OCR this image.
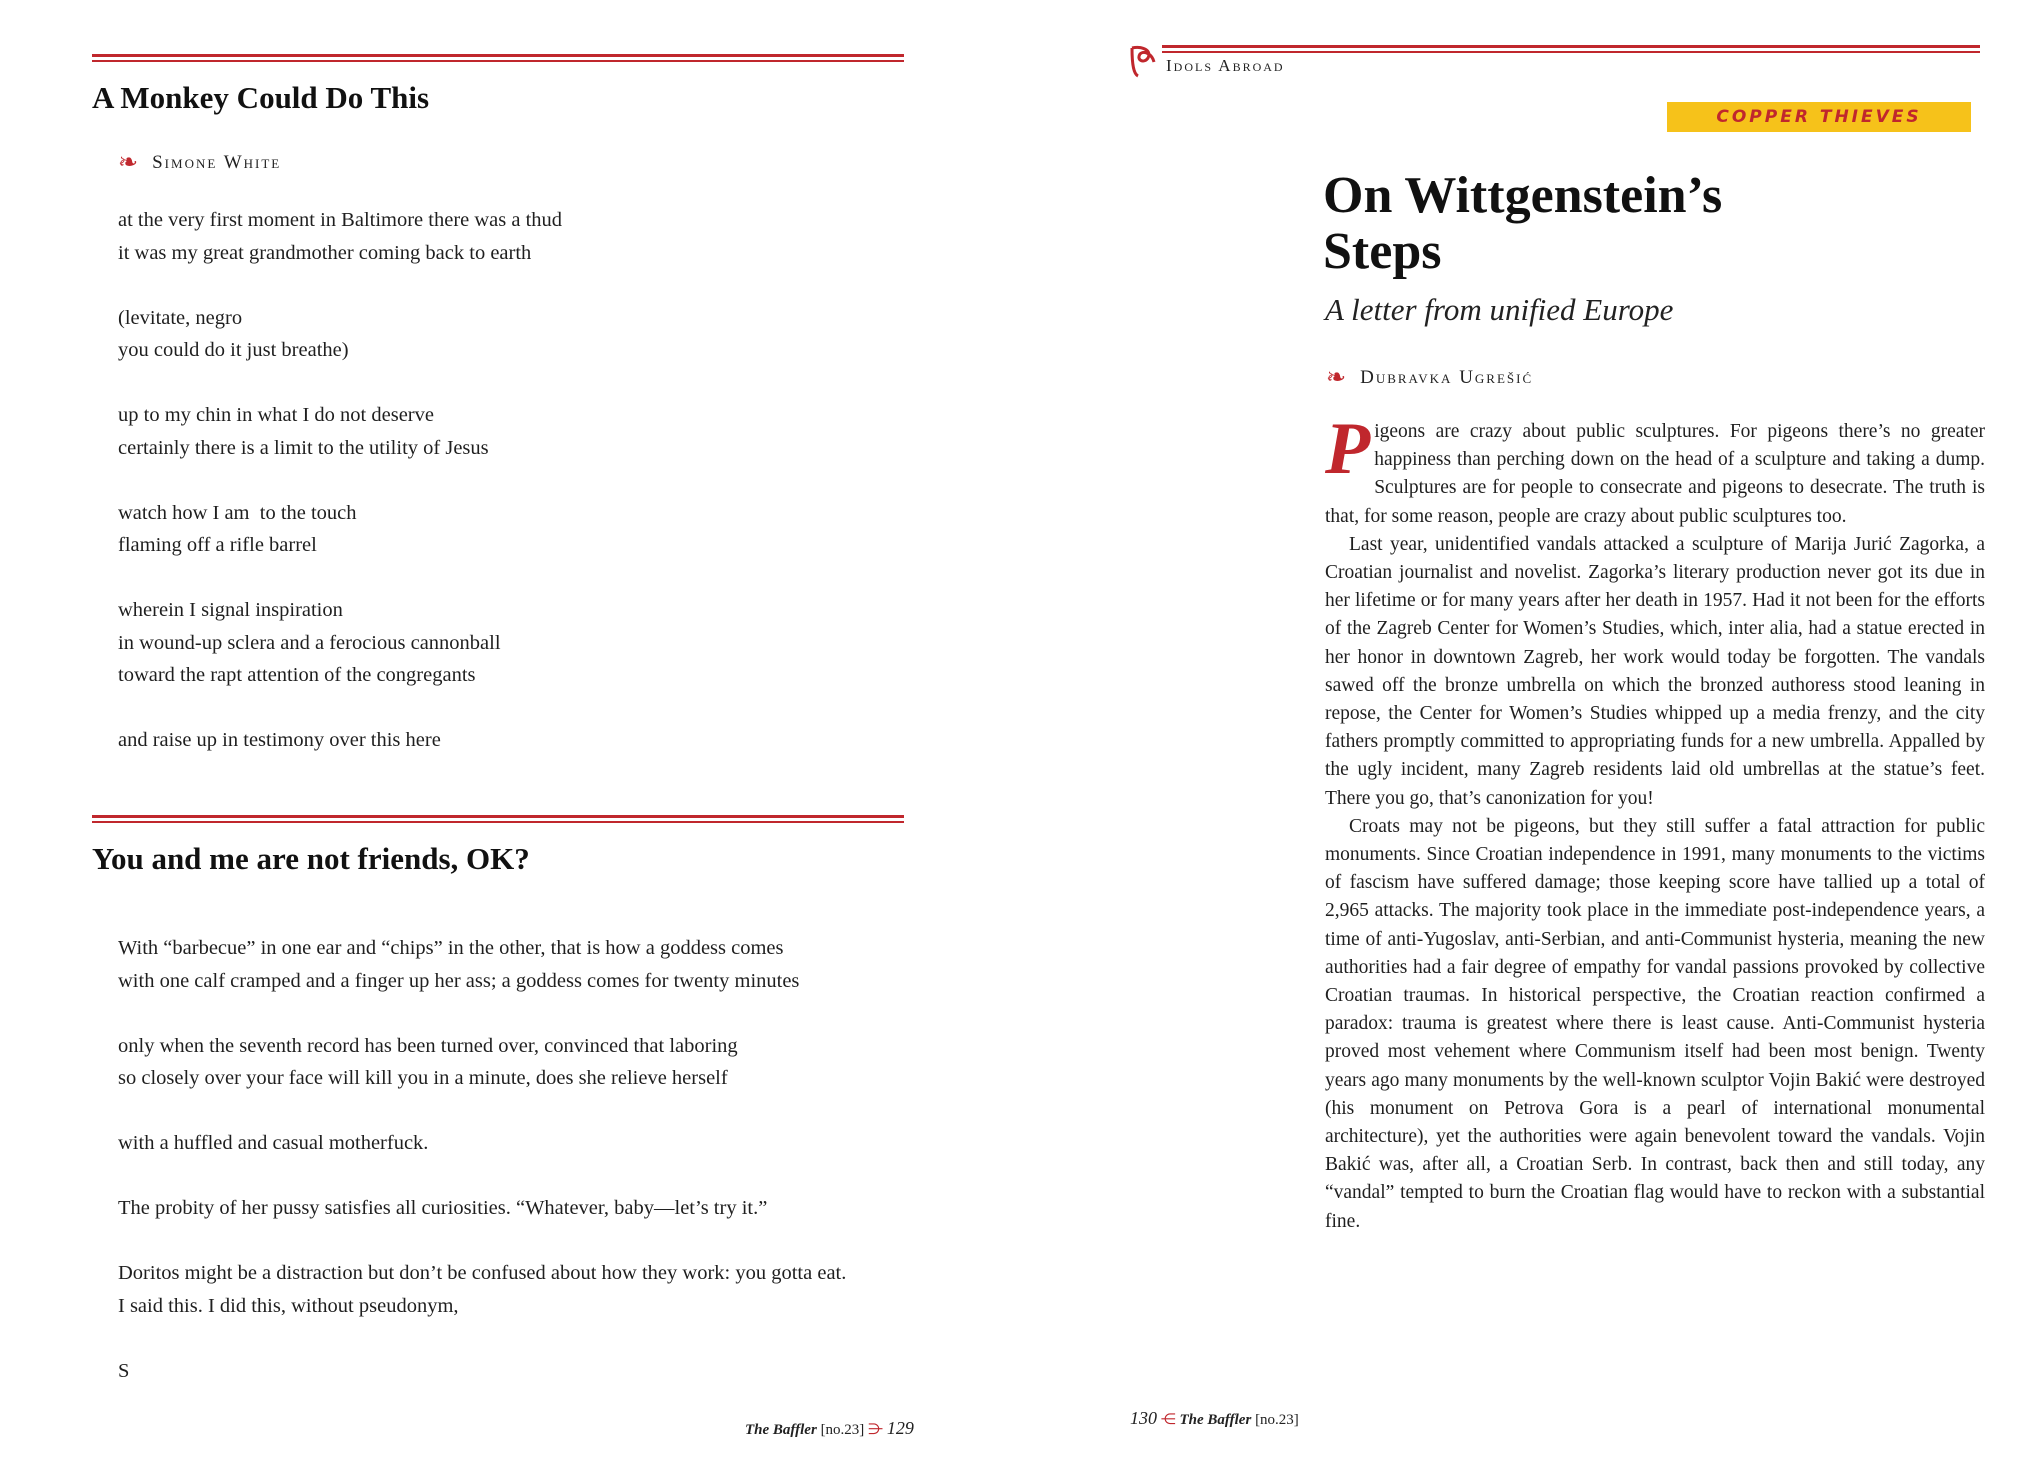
A Monkey Could Do This
❧ Simone White
at the very first moment in Baltimore there was a thud
it was my great grandmother coming back to earth
(levitate, negro
you could do it just breathe)
up to my chin in what I do not deserve
certainly there is a limit to the utility of Jesus
watch how I am  to the touch
flaming off a rifle barrel
wherein I signal inspiration
in wound-up sclera and a ferocious cannonball
toward the rapt attention of the congregants
and raise up in testimony over this here
You and me are not friends, OK?
With “barbecue” in one ear and “chips” in the other, that is how a goddess comes
with one calf cramped and a finger up her ass; a goddess comes for twenty minutes
only when the seventh record has been turned over, convinced that laboring
so closely over your face will kill you in a minute, does she relieve herself
with a huffled and casual motherfuck.
The probity of her pussy satisfies all curiosities. “Whatever, baby—let’s try it.”
Doritos might be a distraction but don’t be confused about how they work: you gotta eat.
I said this. I did this, without pseudonym,
S
The Baffler [no.23] ⋺ 129
Idols Abroad
COPPER THIEVES
On Wittgenstein’s
Steps
A letter from unified Europe
❧ Dubravka Ugrešić

Pigeons are crazy about public sculptures. For pigeons there’s no greater happiness than perching down on the head of a sculpture and taking a dump. Sculptures are for people to consecrate and pigeons to desecrate. The truth is that, for some reason, people are crazy about public sculptures too.

Last year, unidentified vandals attacked a sculpture of Marija Jurić Zagorka, a Croatian journalist and novelist. Zagorka’s literary production never got its due in her lifetime or for many years after her death in 1957. Had it not been for the efforts of the Zagreb Center for Women’s Studies, which, inter alia, had a statue erected in her honor in downtown Zagreb, her work would today be forgotten. The vandals sawed off the bronze umbrella on which the bronzed authoress stood leaning in repose, the Center for Women’s Studies whipped up a media frenzy, and the city fathers promptly committed to appropriating funds for a new umbrella. Appalled by the ugly incident, many Zagreb residents laid old umbrellas at the statue’s feet. There you go, that’s canonization for you!

Croats may not be pigeons, but they still suffer a fatal attraction for public monuments. Since Croatian independence in 1991, many monuments to the victims of fascism have suffered damage; those keeping score have tallied up a total of 2,965 attacks. The majority took place in the immediate post-independence years, a time of anti-Yugoslav, anti-Serbian, and anti-Communist hysteria, meaning the new authorities had a fair degree of empathy for vandal passions provoked by collective Croatian traumas. In historical perspective, the Croatian reaction confirmed a paradox: trauma is greatest where there is least cause. Anti-Communist hysteria proved most vehement where Communism itself had been most benign. Twenty years ago many monuments by the well-known sculptor Vojin Bakić were destroyed (his monument on Petrova Gora is a pearl of international monumental architecture), yet the authorities were again benevolent toward the vandals. Vojin Bakić was, after all, a Croatian Serb. In contrast, back then and still today, any “vandal” tempted to burn the Croatian flag would have to reckon with a substantial fine.

130 ⋲ The Baffler [no.23]
